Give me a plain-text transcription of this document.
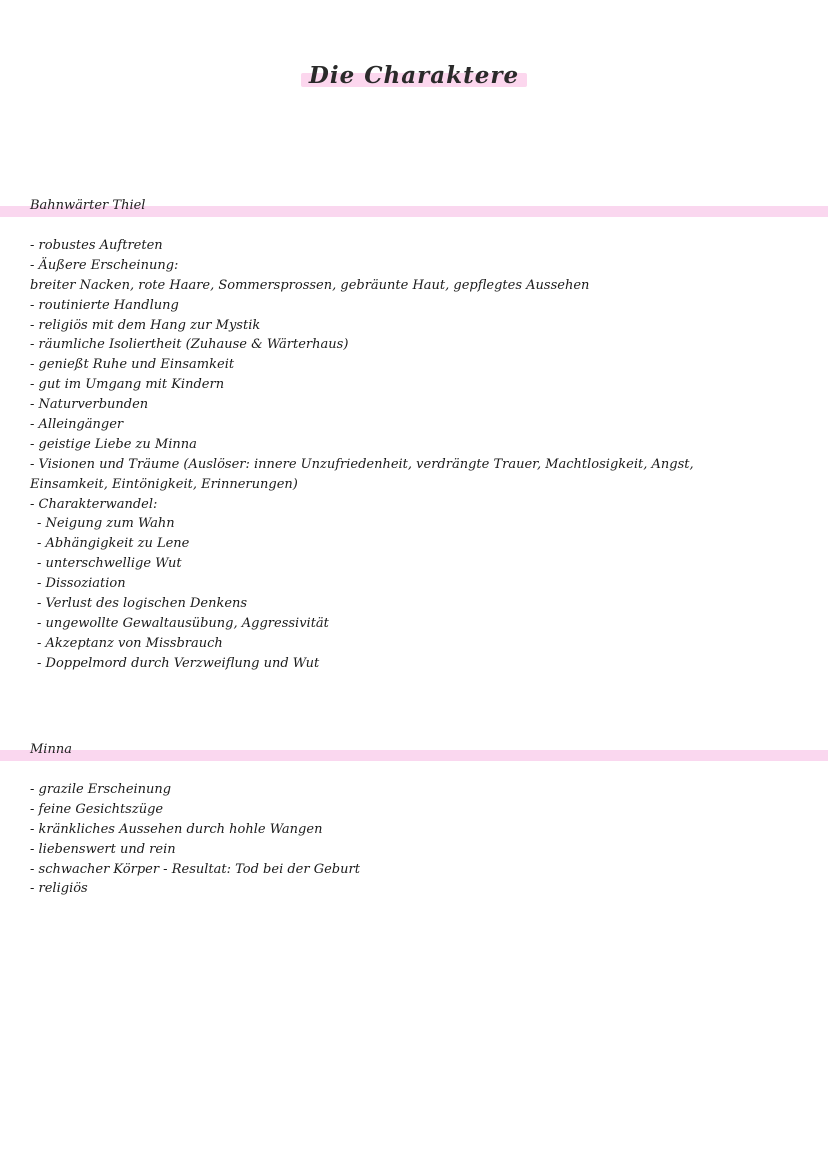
Die Charaktere
Bahnwärter Thiel
- robustes Auftreten
- Äußere Erscheinung:
breiter Nacken, rote Haare, Sommersprossen, gebräunte Haut, gepflegtes Aussehen
- routinierte Handlung
- religiös mit dem Hang zur Mystik
- räumliche Isoliertheit (Zuhause & Wärterhaus)
- genießt Ruhe und Einsamkeit
- gut im Umgang mit Kindern
- Naturverbunden
- Alleingänger
- geistige Liebe zu Minna
- Visionen und Träume (Auslöser: innere Unzufriedenheit, verdrängte Trauer, Machtlosigkeit, Angst,
Einsamkeit, Eintönigkeit, Erinnerungen)
- Charakterwandel:
- Neigung zum Wahn
- Abhängigkeit zu Lene
- unterschwellige Wut
- Dissoziation
- Verlust des logischen Denkens
- ungewollte Gewaltausübung, Aggressivität
- Akzeptanz von Missbrauch
- Doppelmord durch Verzweiflung und Wut
Minna
- grazile Erscheinung
- feine Gesichtszüge
- kränkliches Aussehen durch hohle Wangen
- liebenswert und rein
- schwacher Körper - Resultat: Tod bei der Geburt
- religiös
